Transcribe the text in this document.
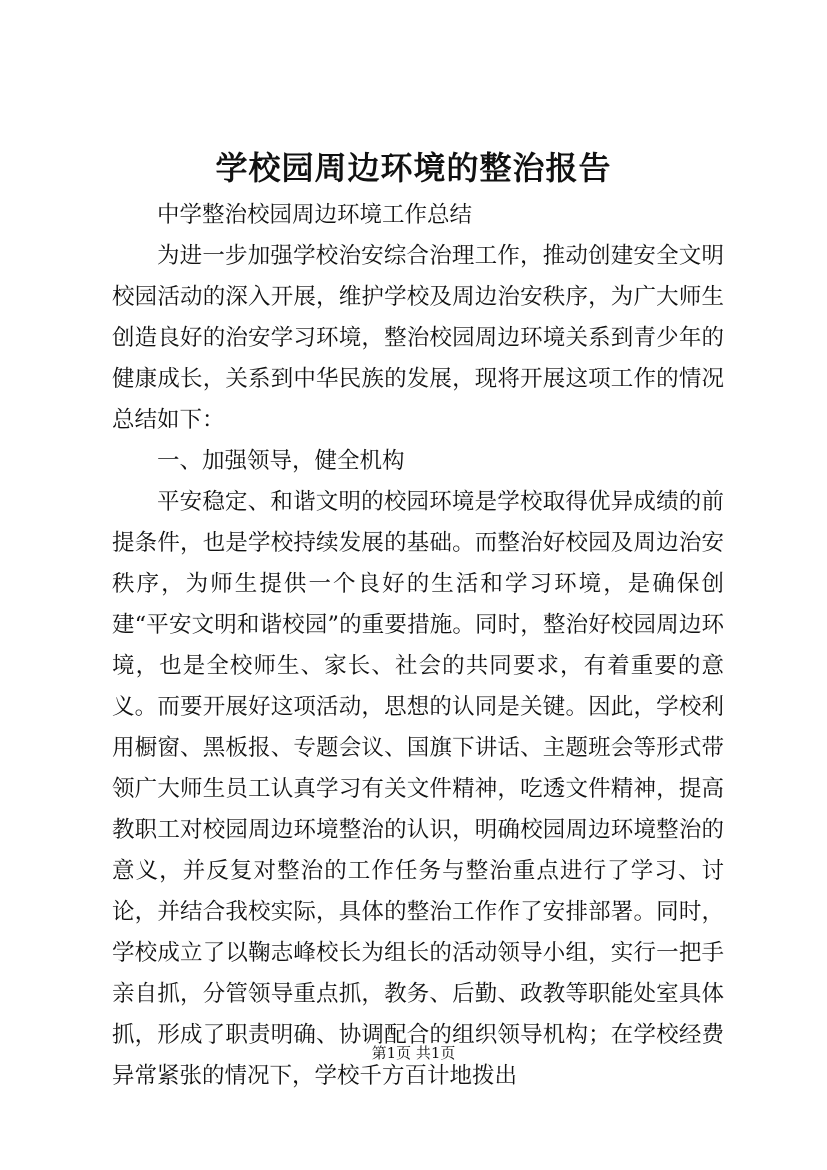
学校园周边环境的整治报告

中学整治校园周边环境工作总结

为进一步加强学校治安综合治理工作，推动创建安全文明校园活动的深入开展，维护学校及周边治安秩序，为广大师生创造良好的治安学习环境，整治校园周边环境关系到青少年的健康成长，关系到中华民族的发展，现将开展这项工作的情况总结如下：

一、加强领导，健全机构

平安稳定、和谐文明的校园环境是学校取得优异成绩的前提条件，也是学校持续发展的基础。而整治好校园及周边治安秩序，为师生提供一个良好的生活和学习环境，是确保创建“平安文明和谐校园”的重要措施。同时，整治好校园周边环境，也是全校师生、家长、社会的共同要求，有着重要的意义。而要开展好这项活动，思想的认同是关键。因此，学校利用橱窗、黑板报、专题会议、国旗下讲话、主题班会等形式带领广大师生员工认真学习有关文件精神，吃透文件精神，提高教职工对校园周边环境整治的认识，明确校园周边环境整治的意义，并反复对整治的工作任务与整治重点进行了学习、讨论，并结合我校实际，具体的整治工作作了安排部署。同时，学校成立了以鞠志峰校长为组长的活动领导小组，实行一把手亲自抓，分管领导重点抓，教务、后勤、政教等职能处室具体抓，形成了职责明确、协调配合的组织领导机构；在学校经费异常紧张的情况下，学校千方百计地拨出

第1页 共1页
